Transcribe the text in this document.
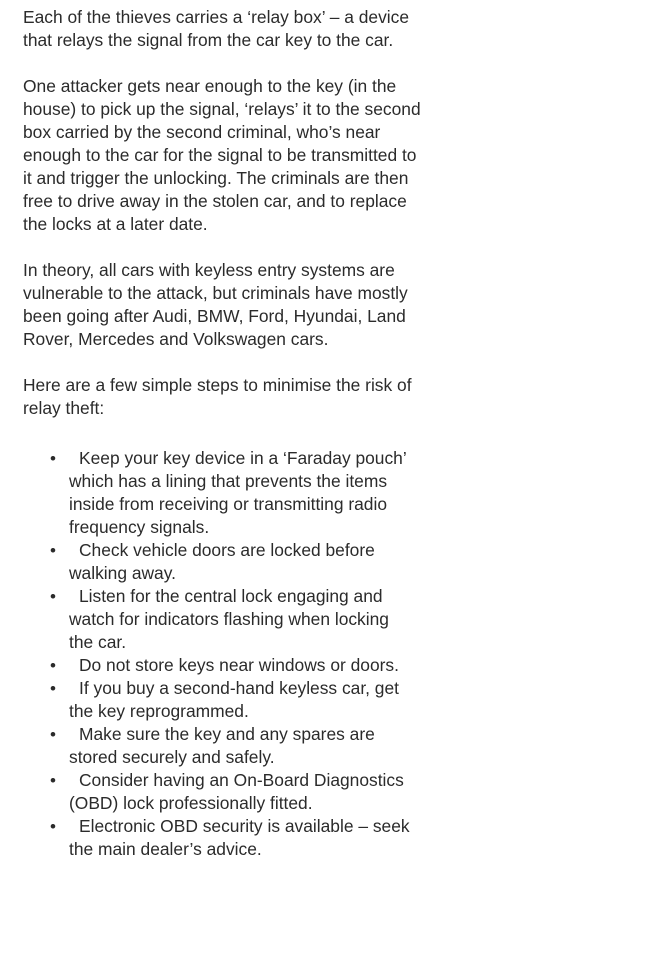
Each of the thieves carries a ‘relay box’ – a device that relays the signal from the car key to the car.

One attacker gets near enough to the key (in the house) to pick up the signal, ‘relays’ it to the second box carried by the second criminal, who’s near enough to the car for the signal to be transmitted to it and trigger the unlocking. The criminals are then free to drive away in the stolen car, and to replace the locks at a later date.

In theory, all cars with keyless entry systems are vulnerable to the attack, but criminals have mostly been going after Audi, BMW, Ford, Hyundai, Land Rover, Mercedes and Volkswagen cars.

Here are a few simple steps to minimise the risk of relay theft:

•	Keep your key device in a ‘Faraday pouch’ which has a lining that prevents the items inside from receiving or transmitting radio frequency signals.
•	Check vehicle doors are locked before walking away.
•	Listen for the central lock engaging and watch for indicators flashing when locking the car.
•	Do not store keys near windows or doors.
•	If you buy a second-hand keyless car, get the key reprogrammed.
•	Make sure the key and any spares are stored securely and safely.
•	Consider having an On-Board Diagnostics (OBD) lock professionally fitted.
•	Electronic OBD security is available – seek the main dealer’s advice.
